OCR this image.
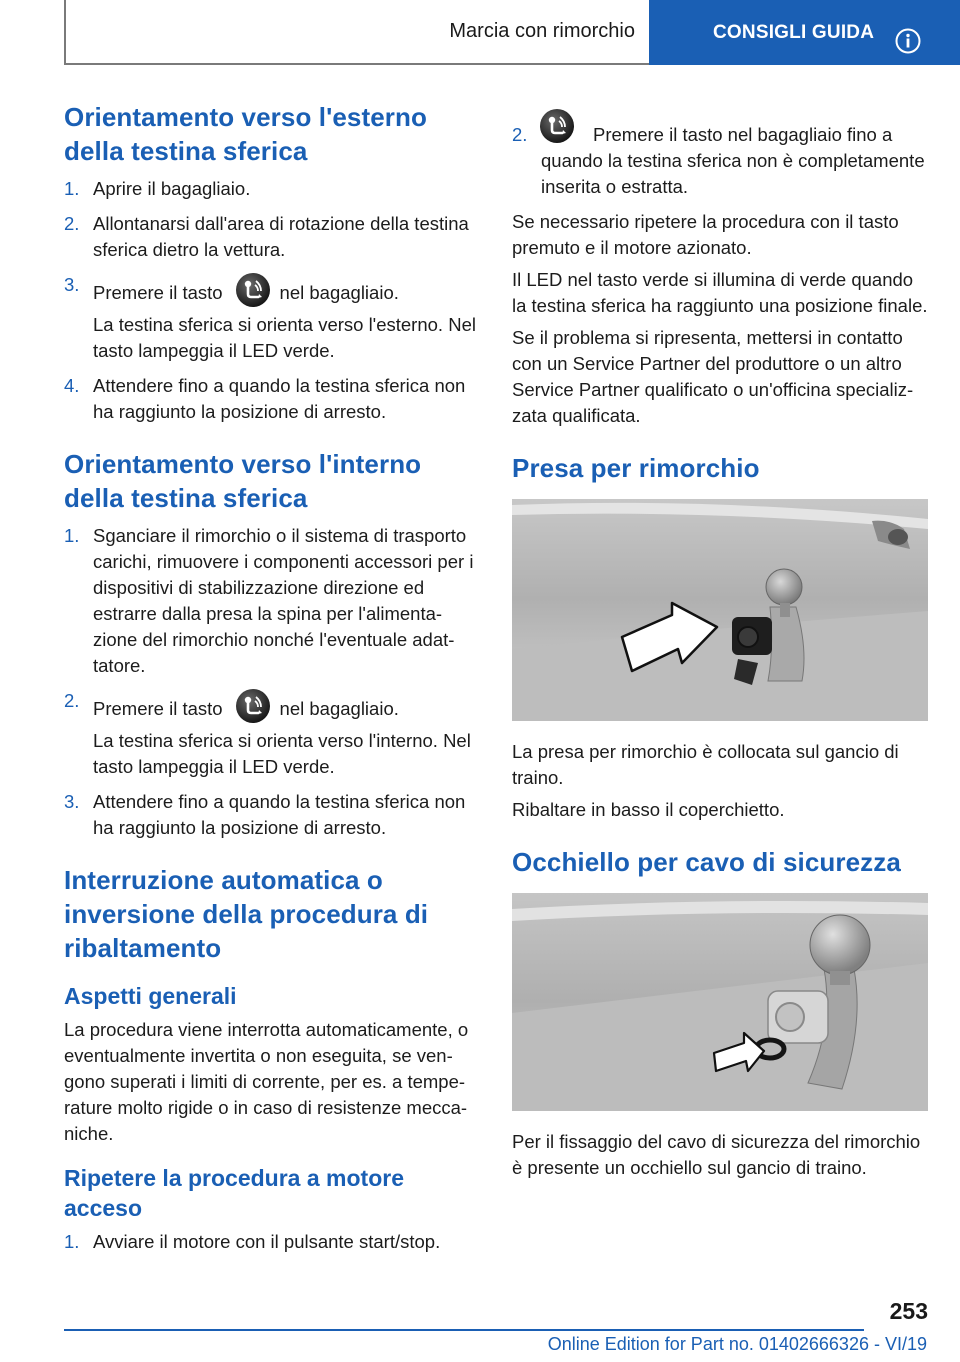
Marcia con rimorchio	CONSIGLI GUIDA
Orientamento verso l'esterno della testina sferica
1. Aprire il bagagliaio.

2. Allontanarsi dall'area di rotazione della testina sferica dietro la vettura.

3. Premere il tasto	nel bagagliaio.

La testina sferica si orienta verso l'esterno. Nel tasto lampeggia il LED verde.

4. Attendere fino a quando la testina sferica non ha raggiunto la posizione di arresto.

Orientamento verso l'interno della testina sferica
1. Sganciare il rimorchio o il sistema di trasporto carichi, rimuovere i componenti accessori per i dispositivi di stabilizzazione direzione ed estrarre dalla presa la spina per l'alimentazione del rimorchio nonché l'eventuale adattatore.

2. Premere il tasto	nel bagagliaio.

La testina sferica si orienta verso l'interno. Nel tasto lampeggia il LED verde.

3. Attendere fino a quando la testina sferica non ha raggiunto la posizione di arresto.

Interruzione automatica o inversione della procedura di ribaltamento
Aspetti generali

La procedura viene interrotta automaticamente, o eventualmente invertita o non eseguita, se vengono superati i limiti di corrente, per es. a temperature molto rigide o in caso di resistenze meccaniche.

Ripetere la procedura a motore acceso
1. Avviare il motore con il pulsante start/stop.

2.	Premere il tasto nel bagagliaio fino a quando la testina sferica non è completamente inserita o estratta.

Se necessario ripetere la procedura con il tasto premuto e il motore azionato.

Il LED nel tasto verde si illumina di verde quando la testina sferica ha raggiunto una posizione finale.

Se il problema si ripresenta, mettersi in contatto con un Service Partner del produttore o un altro Service Partner qualificato o un'officina specializzata qualificata.

Presa per rimorchio

La presa per rimorchio è collocata sul gancio di traino.

Ribaltare in basso il coperchietto.

Occhiello per cavo di sicurezza

Per il fissaggio del cavo di sicurezza del rimorchio è presente un occhiello sul gancio di traino.

253
Online Edition for Part no. 01402666326 - VI/19
